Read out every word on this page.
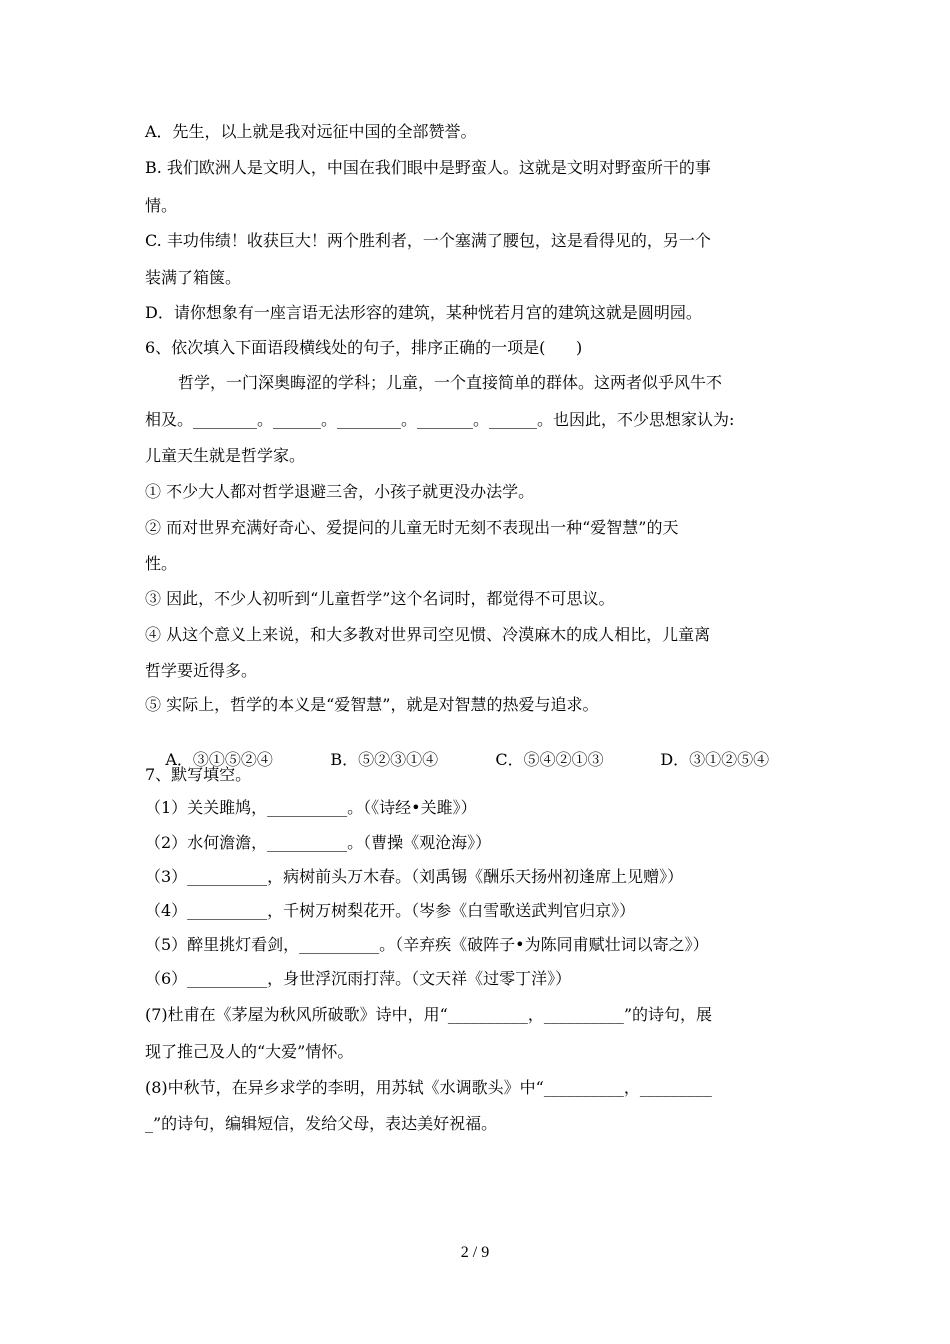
A．先生，以上就是我对远征中国的全部赞誉。
B. 我们欧洲人是文明人，中国在我们眼中是野蛮人。这就是文明对野蛮所干的事
情。
C. 丰功伟绩！收获巨大！两个胜利者，一个塞满了腰包，这是看得见的，另一个
装满了箱箧。
D．请你想象有一座言语无法形容的建筑，某种恍若月宫的建筑这就是圆明园。
6、依次填入下面语段横线处的句子，排序正确的一项是(      )
哲学，一门深奥晦涩的学科；儿童，一个直接简单的群体。这两者似乎风牛不
相及。________。______。________。_______。______。也因此，不少思想家认为:
儿童天生就是哲学家。
① 不少大人都对哲学退避三舍，小孩子就更没办法学。
② 而对世界充满好奇心、爱提问的儿童无时无刻不表现出一种“爱智慧”的天
性。
③ 因此，不少人初听到“儿童哲学”这个名词时，都觉得不可思议。
④ 从这个意义上来说，和大多教对世界司空见惯、冷漠麻木的成人相比，儿童离
哲学要近得多。
⑤ 实际上，哲学的本义是“爱智慧”，就是对智慧的热爱与追求。

A．③①⑤②④	B．⑤②③①④	C．⑤④②①③	D．③①②⑤④

7、默写填空。
（1）关关雎鸠，__________。（《诗经•关雎》）
（2）水何澹澹，__________。（曹操《观沧海》）
（3）__________，病树前头万木春。（刘禹锡《酬乐天扬州初逢席上见赠》）
（4）__________，千树万树梨花开。（岑参《白雪歌送武判官归京》）
（5）醉里挑灯看剑，__________。（辛弃疾《破阵子•为陈同甫赋壮词以寄之》）
（6）__________，身世浮沉雨打萍。（文天祥《过零丁洋》）
(7)杜甫在《茅屋为秋风所破歌》诗中，用“__________，__________”的诗句，展
现了推己及人的“大爱”情怀。
(8)中秋节，在异乡求学的李明，用苏轼《水调歌头》中“__________，_________
_”的诗句，编辑短信，发给父母，表达美好祝福。
2 / 9
